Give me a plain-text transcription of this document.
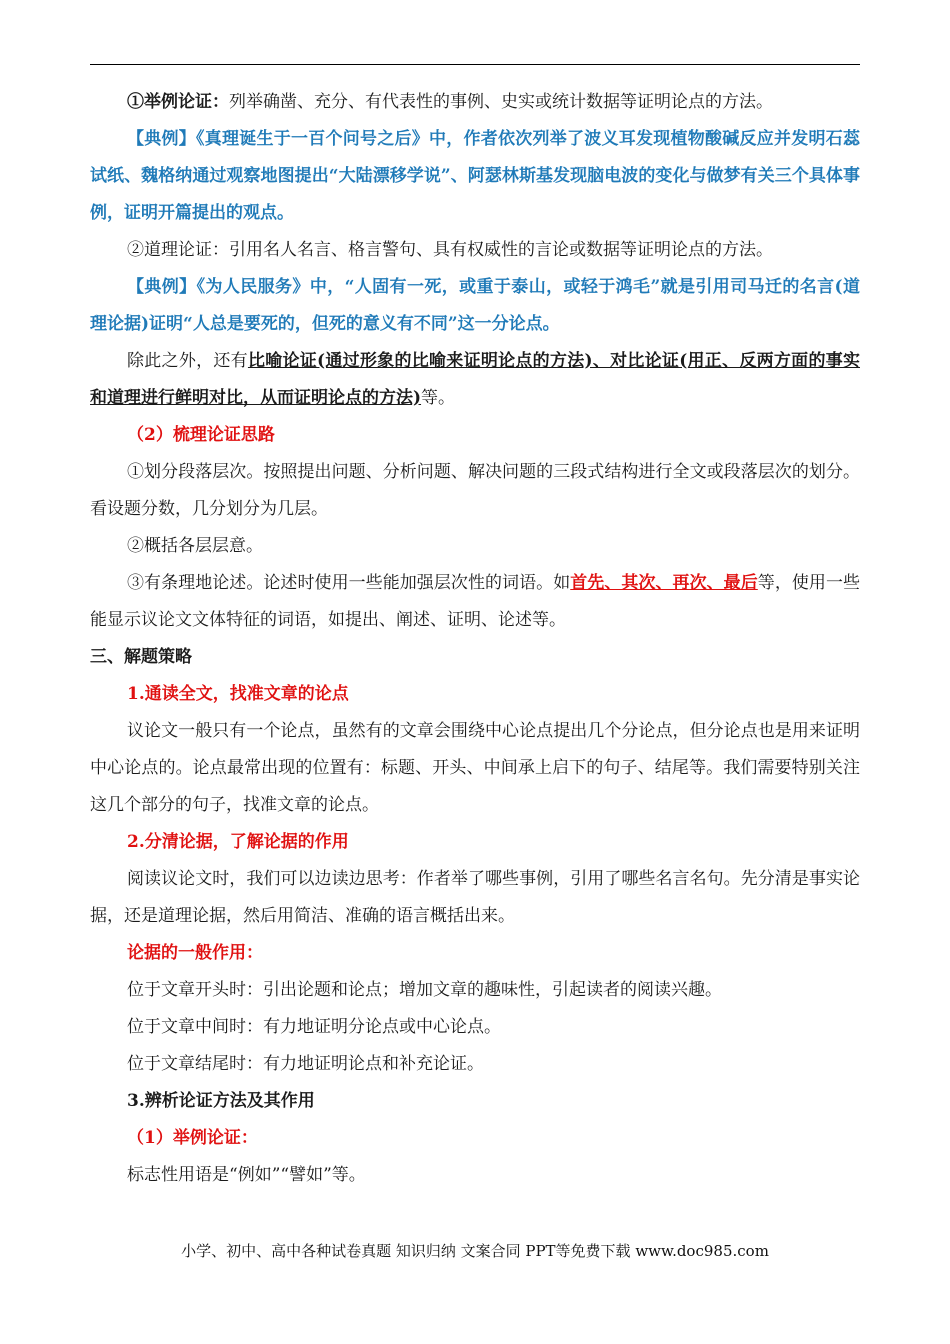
①举例论证：列举确凿、充分、有代表性的事例、史实或统计数据等证明论点的方法。

【典例】《真理诞生于一百个问号之后》中，作者依次列举了波义耳发现植物酸碱反应并发明石蕊试纸、魏格纳通过观察地图提出“大陆漂移学说”、阿瑟林斯基发现脑电波的变化与做梦有关三个具体事例，证明开篇提出的观点。

②道理论证：引用名人名言、格言警句、具有权威性的言论或数据等证明论点的方法。

【典例】《为人民服务》中，“人固有一死，或重于泰山，或轻于鸿毛”就是引用司马迁的名言(道理论据)证明“人总是要死的，但死的意义有不同”这一分论点。

除此之外，还有比喻论证(通过形象的比喻来证明论点的方法)、对比论证(用正、反两方面的事实和道理进行鲜明对比，从而证明论点的方法)等。

（2）梳理论证思路

①划分段落层次。按照提出问题、分析问题、解决问题的三段式结构进行全文或段落层次的划分。看设题分数，几分划分为几层。

②概括各层层意。

③有条理地论述。论述时使用一些能加强层次性的词语。如首先、其次、再次、最后等，使用一些能显示议论文文体特征的词语，如提出、阐述、证明、论述等。

三、解题策略

1.通读全文，找准文章的论点

议论文一般只有一个论点，虽然有的文章会围绕中心论点提出几个分论点，但分论点也是用来证明中心论点的。论点最常出现的位置有：标题、开头、中间承上启下的句子、结尾等。我们需要特别关注这几个部分的句子，找准文章的论点。

2.分清论据，了解论据的作用

阅读议论文时，我们可以边读边思考：作者举了哪些事例，引用了哪些名言名句。先分清是事实论据，还是道理论据，然后用简洁、准确的语言概括出来。

论据的一般作用：

位于文章开头时：引出论题和论点；增加文章的趣味性，引起读者的阅读兴趣。

位于文章中间时：有力地证明分论点或中心论点。

位于文章结尾时：有力地证明论点和补充论证。

3.辨析论证方法及其作用

（1）举例论证：

标志性用语是“例如”“譬如”等。

小学、初中、高中各种试卷真题 知识归纳 文案合同 PPT等免费下载 www.doc985.com
